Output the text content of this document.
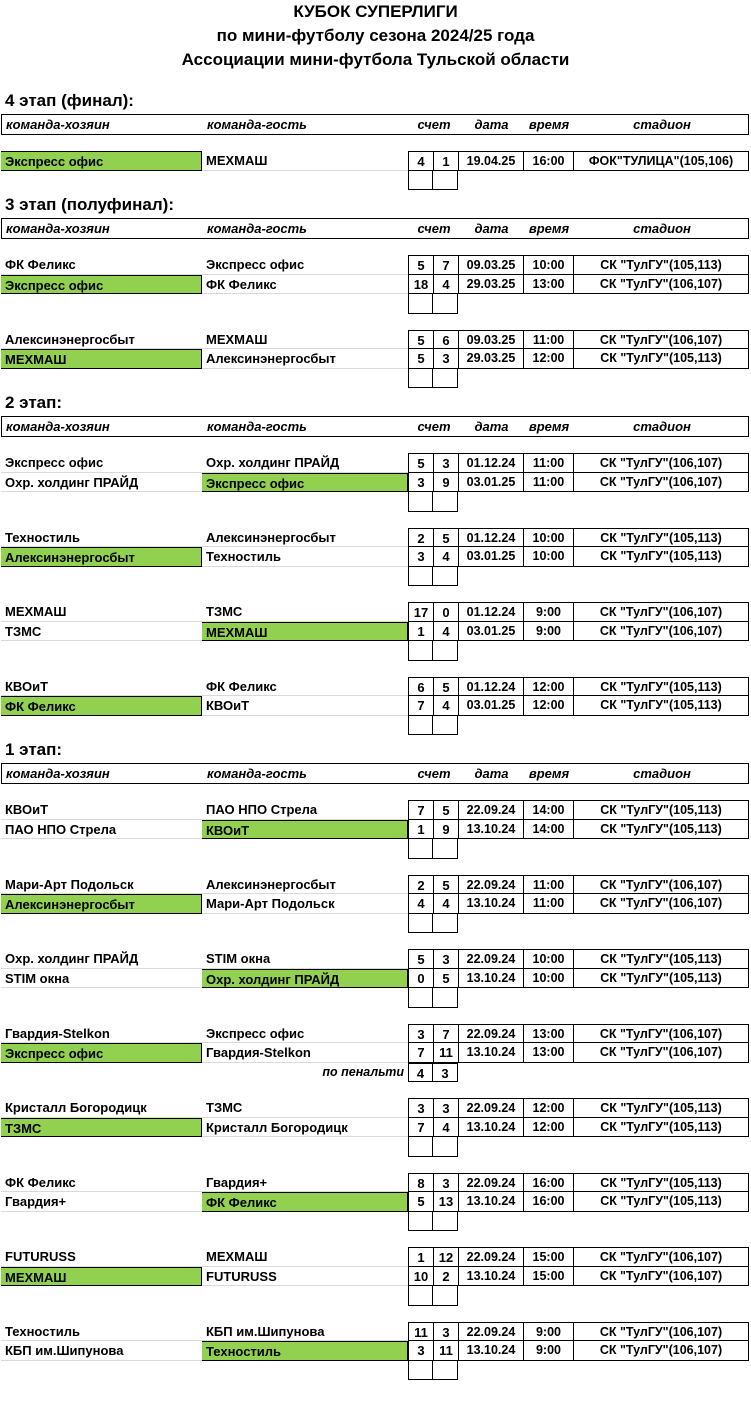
КУБОК СУПЕРЛИГИ
по мини-футболу сезона 2024/25 года
Ассоциации мини-футбола Тульской области
4 этап (финал):
команда-хозяин	команда-гость	счет	дата	время	стадион
Экспресс офис	МЕХМАШ	4	1	19.04.25	16:00	ФОК"ТУЛИЦА"(105,106)
3 этап (полуфинал):
команда-хозяин	команда-гость	счет	дата	время	стадион
ФК Феликс	Экспресс офис	5	7	09.03.25	10:00	СК "ТулГУ"(105,113)
Экспресс офис	ФК Феликс	18	4	29.03.25	13:00	СК "ТулГУ"(106,107)
Алексинэнергосбыт	МЕХМАШ	5	6	09.03.25	11:00	СК "ТулГУ"(106,107)
МЕХМАШ	Алексинэнергосбыт	5	3	29.03.25	12:00	СК "ТулГУ"(105,113)
2 этап:
команда-хозяин	команда-гость	счет	дата	время	стадион
Экспресс офис	Охр. холдинг ПРАЙД	5	3	01.12.24	11:00	СК "ТулГУ"(106,107)
Охр. холдинг ПРАЙД	Экспресс офис	3	9	03.01.25	11:00	СК "ТулГУ"(106,107)
Техностиль	Алексинэнергосбыт	2	5	01.12.24	10:00	СК "ТулГУ"(105,113)
Алексинэнергосбыт	Техностиль	3	4	03.01.25	10:00	СК "ТулГУ"(105,113)
МЕХМАШ	ТЗМС	17	0	01.12.24	9:00	СК "ТулГУ"(106,107)
ТЗМС	МЕХМАШ	1	4	03.01.25	9:00	СК "ТулГУ"(106,107)
КВОиТ	ФК Феликс	6	5	01.12.24	12:00	СК "ТулГУ"(105,113)
ФК Феликс	КВОиТ	7	4	03.01.25	12:00	СК "ТулГУ"(105,113)
1 этап:
команда-хозяин	команда-гость	счет	дата	время	стадион
КВОиТ	ПАО НПО Стрела	7	5	22.09.24	14:00	СК "ТулГУ"(105,113)
ПАО НПО Стрела	КВОиТ	1	9	13.10.24	14:00	СК "ТулГУ"(105,113)
Мари-Арт Подольск	Алексинэнергосбыт	2	5	22.09.24	11:00	СК "ТулГУ"(106,107)
Алексинэнергосбыт	Мари-Арт Подольск	4	4	13.10.24	11:00	СК "ТулГУ"(106,107)
Охр. холдинг ПРАЙД	STIM окна	5	3	22.09.24	10:00	СК "ТулГУ"(105,113)
STIM окна	Охр. холдинг ПРАЙД	0	5	13.10.24	10:00	СК "ТулГУ"(105,113)
Гвардия-Stelkon	Экспресс офис	3	7	22.09.24	13:00	СК "ТулГУ"(106,107)
Экспресс офис	Гвардия-Stelkon	7	11	13.10.24	13:00	СК "ТулГУ"(106,107)
по пенальти 4	3
Кристалл Богородицк	ТЗМС	3	3	22.09.24	12:00	СК "ТулГУ"(105,113)
ТЗМС	Кристалл Богородицк	7	4	13.10.24	12:00	СК "ТулГУ"(105,113)
ФК Феликс	Гвардия+	8	3	22.09.24	16:00	СК "ТулГУ"(105,113)
Гвардия+	ФК Феликс	5	13	13.10.24	16:00	СК "ТулГУ"(105,113)
FUTURUSS	МЕХМАШ	1	12	22.09.24	15:00	СК "ТулГУ"(106,107)
МЕХМАШ	FUTURUSS	10	2	13.10.24	15:00	СК "ТулГУ"(106,107)
Техностиль	КБП им.Шипунова	11	3	22.09.24	9:00	СК "ТулГУ"(106,107)
КБП им.Шипунова	Техностиль	3	11	13.10.24	9:00	СК "ТулГУ"(106,107)
